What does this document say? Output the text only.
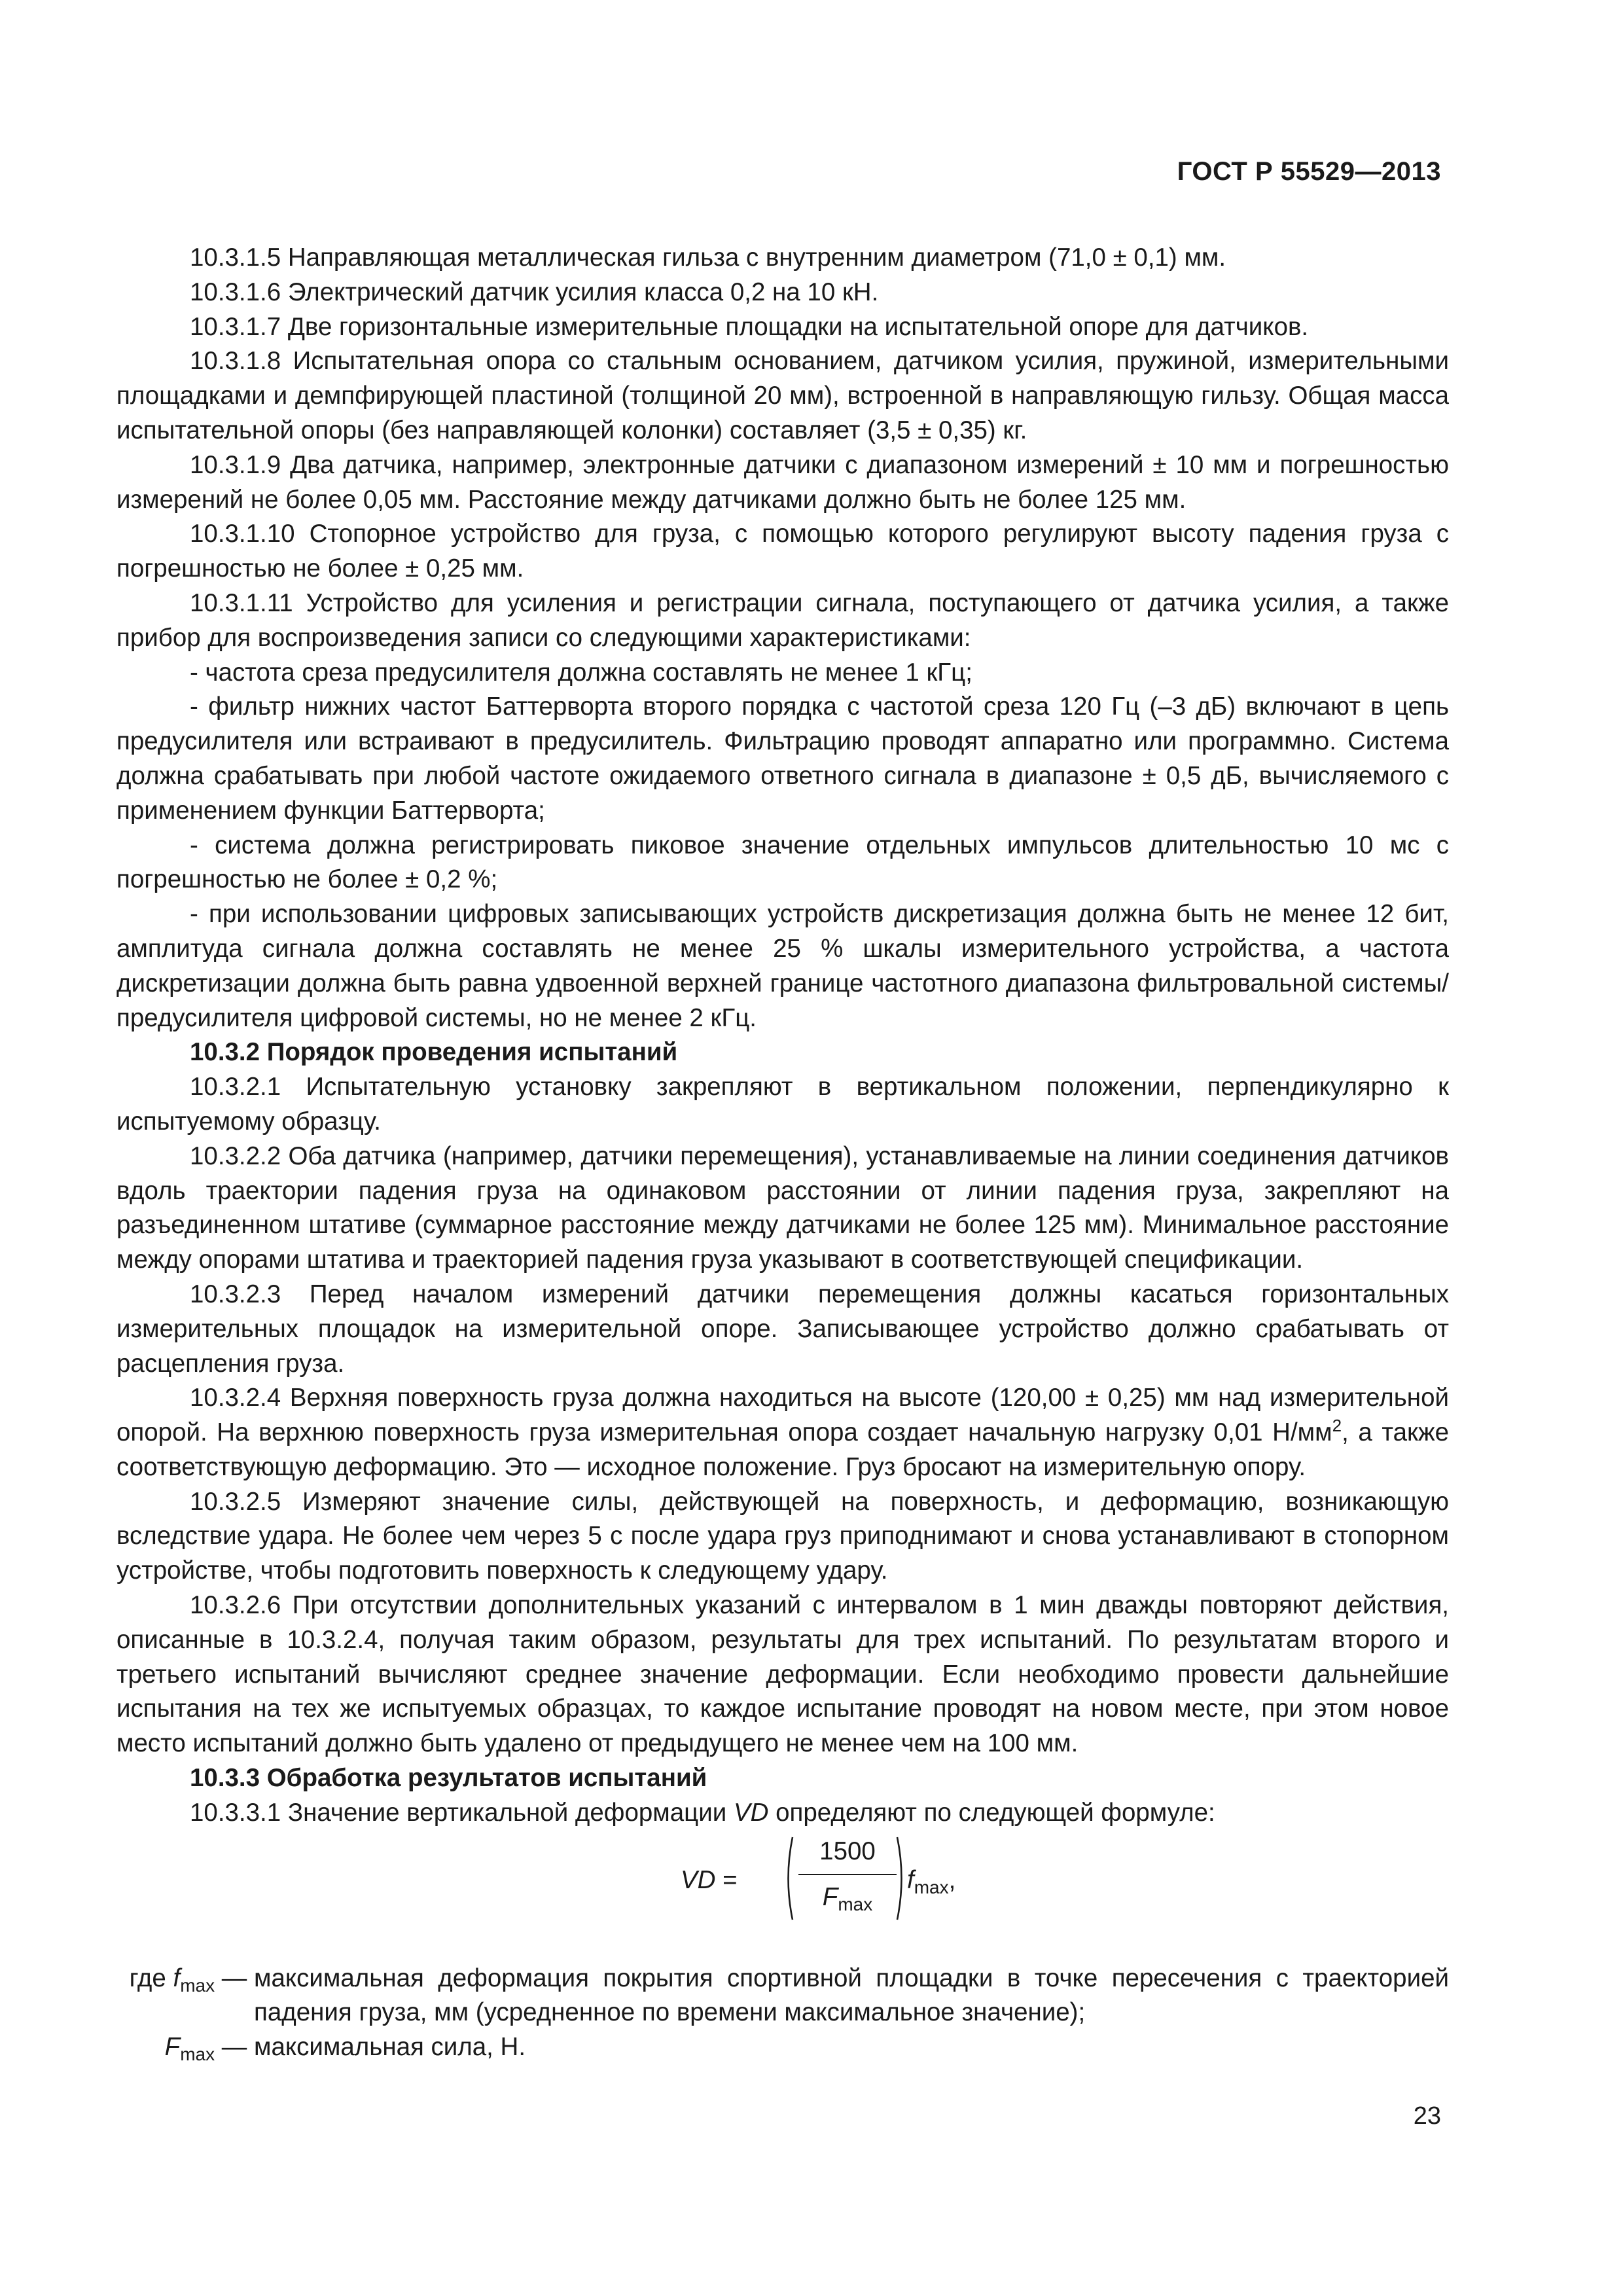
ГОСТ Р 55529—2013

10.3.1.5 Направляющая металлическая гильза с внутренним диаметром (71,0 ± 0,1) мм.

10.3.1.6 Электрический датчик усилия класса 0,2 на 10 кН.

10.3.1.7 Две горизонтальные измерительные площадки на испытательной опоре для датчиков.

10.3.1.8 Испытательная опора со стальным основанием, датчиком усилия, пружиной, измерительными площадками и демпфирующей пластиной (толщиной 20 мм), встроенной в направляющую гильзу. Общая масса испытательной опоры (без направляющей колонки) составляет (3,5 ± 0,35) кг.

10.3.1.9 Два датчика, например, электронные датчики с диапазоном измерений ± 10 мм и погрешностью измерений не более 0,05 мм. Расстояние между датчиками должно быть не более 125 мм.

10.3.1.10 Стопорное устройство для груза, с помощью которого регулируют высоту падения груза с погрешностью не более ± 0,25 мм.

10.3.1.11 Устройство для усиления и регистрации сигнала, поступающего от датчика усилия, а также прибор для воспроизведения записи со следующими характеристиками:

- частота среза предусилителя должна составлять не менее 1 кГц;

- фильтр нижних частот Баттерворта второго порядка с частотой среза 120 Гц (–3 дБ) включают в цепь предусилителя или встраивают в предусилитель. Фильтрацию проводят аппаратно или программно. Система должна срабатывать при любой частоте ожидаемого ответного сигнала в диапазоне ± 0,5 дБ, вычисляемого с применением функции Баттерворта;

- система должна регистрировать пиковое значение отдельных импульсов длительностью 10 мс с погрешностью не более ± 0,2 %;

- при использовании цифровых записывающих устройств дискретизация должна быть не менее 12 бит, амплитуда сигнала должна составлять не менее 25 % шкалы измерительного устройства, а частота дискретизации должна быть равна удвоенной верхней границе частотного диапазона фильтровальной системы/предусилителя цифровой системы, но не менее 2 кГц.

10.3.2 Порядок проведения испытаний

10.3.2.1 Испытательную установку закрепляют в вертикальном положении, перпендикулярно к испытуемому образцу.

10.3.2.2 Оба датчика (например, датчики перемещения), устанавливаемые на линии соединения датчиков вдоль траектории падения груза на одинаковом расстоянии от линии падения груза, закрепляют на разъединенном штативе (суммарное расстояние между датчиками не более 125 мм). Минимальное расстояние между опорами штатива и траекторией падения груза указывают в соответствующей спецификации.

10.3.2.3 Перед началом измерений датчики перемещения должны касаться горизонтальных измерительных площадок на измерительной опоре. Записывающее устройство должно срабатывать от расцепления груза.

10.3.2.4 Верхняя поверхность груза должна находиться на высоте (120,00 ± 0,25) мм над измерительной опорой. На верхнюю поверхность груза измерительная опора создает начальную нагрузку 0,01 $Н/мм^2$, а также соответствующую деформацию. Это — исходное положение. Груз бросают на измерительную опору.

10.3.2.5 Измеряют значение силы, действующей на поверхность, и деформацию, возникающую вследствие удара. Не более чем через 5 с после удара груз приподнимают и снова устанавливают в стопорном устройстве, чтобы подготовить поверхность к следующему удару.

10.3.2.6 При отсутствии дополнительных указаний с интервалом в 1 мин дважды повторяют действия, описанные в 10.3.2.4, получая таким образом, результаты для трех испытаний. По результатам второго и третьего испытаний вычисляют среднее значение деформации. Если необходимо провести дальнейшие испытания на тех же испытуемых образцах, то каждое испытание проводят на новом месте, при этом новое место испытаний должно быть удалено от предыдущего не менее чем на 100 мм.

10.3.3 Обработка результатов испытаний

10.3.3.1 Значение вертикальной деформации VD определяют по следующей формуле:

VD =
1500
$F_{max}$
$f_{max}$,
где $f_{max}$ — максимальная деформация покрытия спортивной площадки в точке пересечения с траекторией падения груза, мм (усредненное по времени максимальное значение);
$F_{max}$ — максимальная сила, Н.
23
